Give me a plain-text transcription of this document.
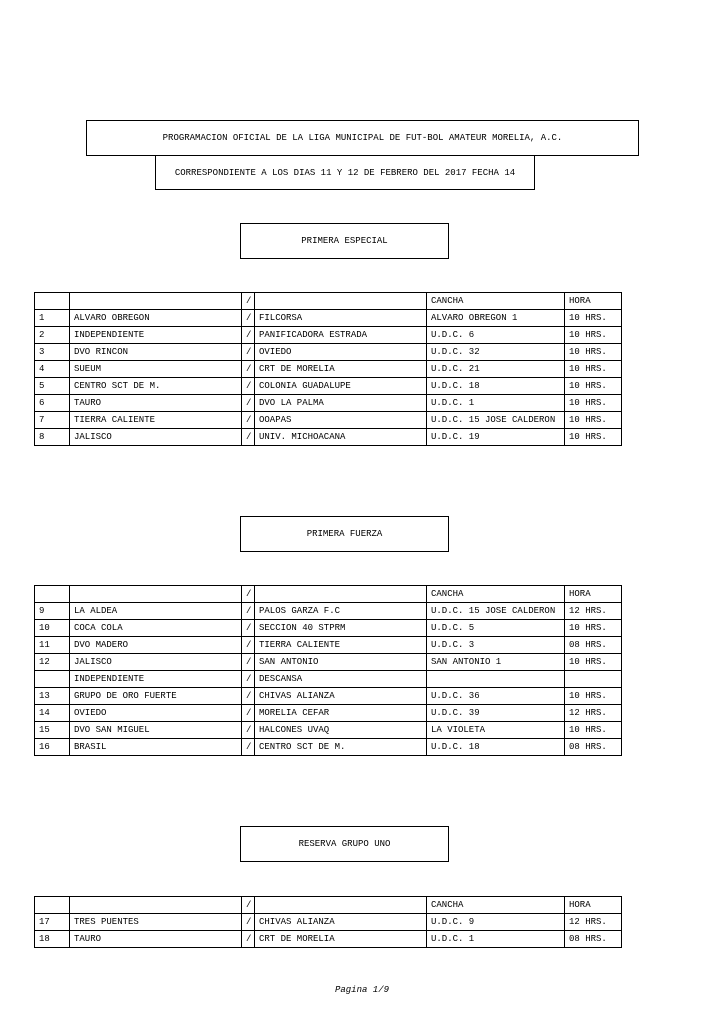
PROGRAMACION OFICIAL DE LA LIGA MUNICIPAL DE FUT-BOL AMATEUR MORELIA, A.C.
CORRESPONDIENTE A LOS DIAS 11 Y 12 DE FEBRERO DEL 2017 FECHA 14
PRIMERA ESPECIAL
		/		CANCHA	HORA
1	ALVARO OBREGON	/	FILCORSA	ALVARO OBREGON 1	10 HRS.
2	INDEPENDIENTE	/	PANIFICADORA ESTRADA	U.D.C. 6	10 HRS.
3	DVO RINCON	/	OVIEDO	U.D.C. 32	10 HRS.
4	SUEUM	/	CRT DE MORELIA	U.D.C. 21	10 HRS.
5	CENTRO SCT DE M.	/	COLONIA GUADALUPE	U.D.C. 18	10 HRS.
6	TAURO	/	DVO LA PALMA	U.D.C. 1	10 HRS.
7	TIERRA CALIENTE	/	OOAPAS	U.D.C. 15 JOSE CALDERON	10 HRS.
8	JALISCO	/	UNIV. MICHOACANA	U.D.C. 19	10 HRS.
PRIMERA FUERZA
		/		CANCHA	HORA
9	LA ALDEA	/	PALOS GARZA F.C	U.D.C. 15 JOSE CALDERON	12 HRS.
10	COCA COLA	/	SECCION 40 STPRM	U.D.C. 5	10 HRS.
11	DVO MADERO	/	TIERRA CALIENTE	U.D.C. 3	08 HRS.
12	JALISCO	/	SAN ANTONIO	SAN ANTONIO 1	10 HRS.
	INDEPENDIENTE	/	DESCANSA		
13	GRUPO DE ORO FUERTE	/	CHIVAS ALIANZA	U.D.C. 36	10 HRS.
14	OVIEDO	/	MORELIA CEFAR	U.D.C. 39	12 HRS.
15	DVO SAN MIGUEL	/	HALCONES UVAQ	LA VIOLETA	10 HRS.
16	BRASIL	/	CENTRO SCT DE M.	U.D.C. 18	08 HRS.
RESERVA GRUPO UNO
		/		CANCHA	HORA
17	TRES PUENTES	/	CHIVAS ALIANZA	U.D.C. 9	12 HRS.
18	TAURO	/	CRT DE MORELIA	U.D.C. 1	08 HRS.
Pagina 1/9
